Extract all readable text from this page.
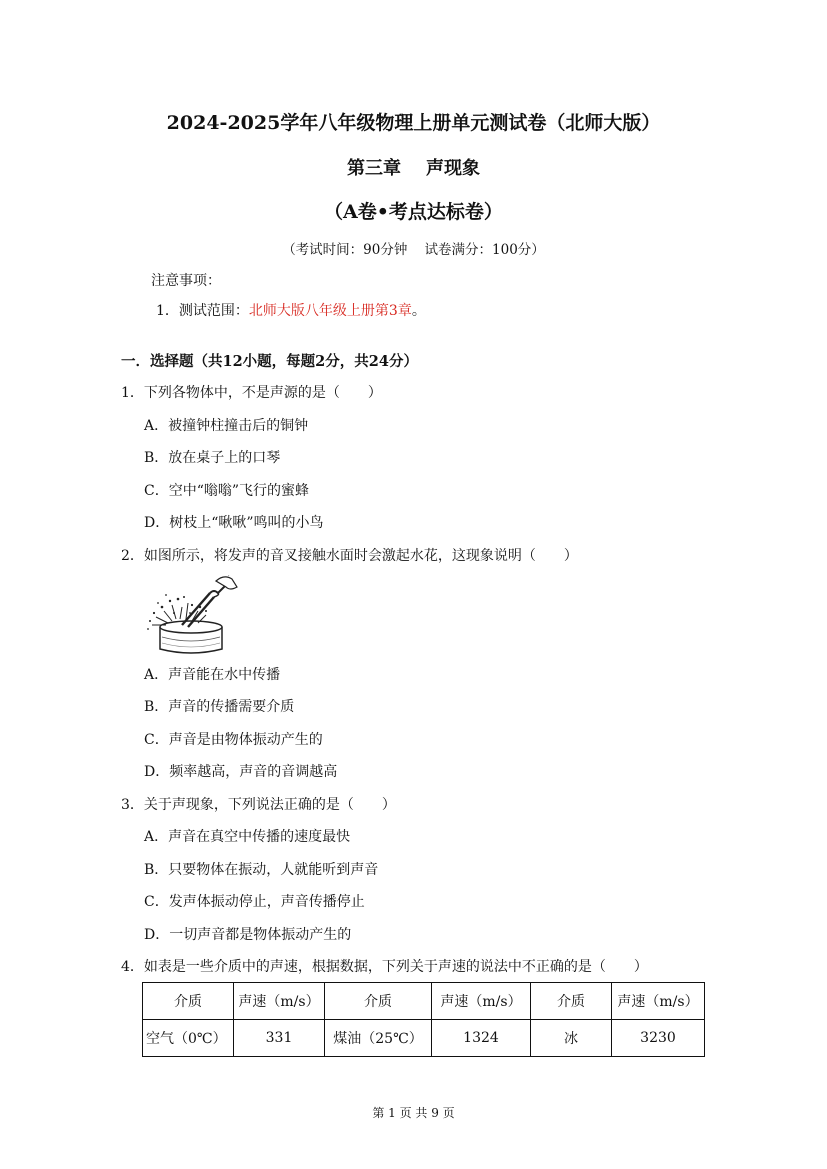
2024-2025学年八年级物理上册单元测试卷（北师大版）
第三章    声现象
（A卷•考点达标卷）
（考试时间：90分钟    试卷满分：100分）
注意事项：
1．测试范围：北师大版八年级上册第3章。
一．选择题（共12小题，每题2分，共24分）
1．下列各物体中，不是声源的是（　　）
A．被撞钟柱撞击后的铜钟
B．放在桌子上的口琴
C．空中“嗡嗡”飞行的蜜蜂
D．树枝上“啾啾”鸣叫的小鸟
2．如图所示，将发声的音叉接触水面时会激起水花，这现象说明（　　）
A．声音能在水中传播
B．声音的传播需要介质
C．声音是由物体振动产生的
D．频率越高，声音的音调越高
3．关于声现象，下列说法正确的是（　　）
A．声音在真空中传播的速度最快
B．只要物体在振动，人就能听到声音
C．发声体振动停止，声音传播停止
D．一切声音都是物体振动产生的
4．如表是一些介质中的声速，根据数据，下列关于声速的说法中不正确的是（　　）
介质	声速（m/s）	介质	声速（m/s）	介质	声速（m/s）
空气（0℃）	331	煤油（25℃）	1324	冰	3230
第 1 页 共 9 页
